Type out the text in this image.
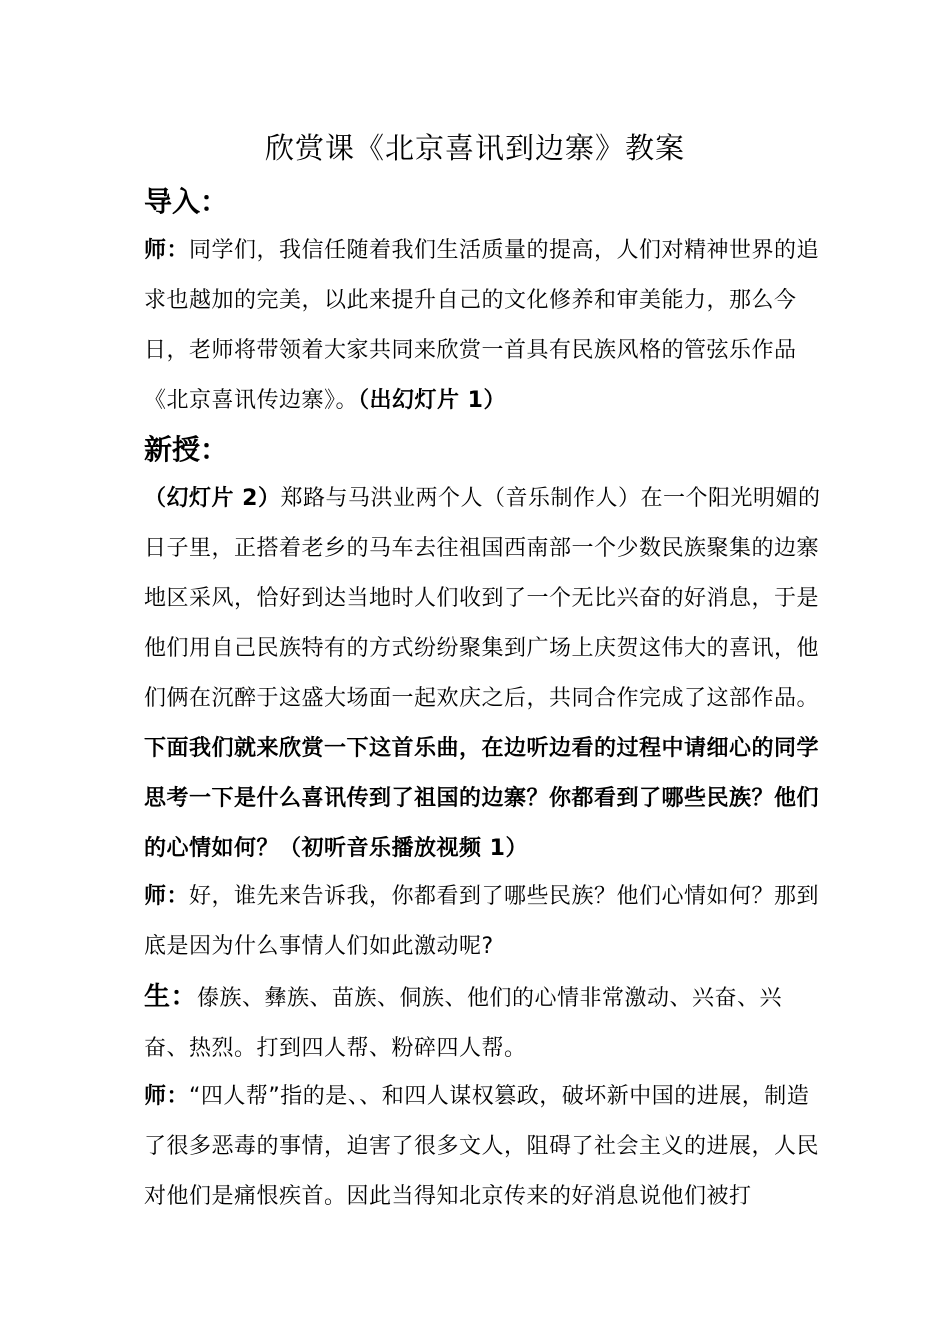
欣赏课《北京喜讯到边寨》教案
导入：
师：同学们，我信任随着我们生活质量的提高，人们对精神世界的追求也越加的完美，以此来提升自己的文化修养和审美能力，那么今日，老师将带领着大家共同来欣赏一首具有民族风格的管弦乐作品《北京喜讯传边寨》。（出幻灯片 1）
新授：
（幻灯片 2）郑路与马洪业两个人（音乐制作人）在一个阳光明媚的日子里，正搭着老乡的马车去往祖国西南部一个少数民族聚集的边寨地区采风，恰好到达当地时人们收到了一个无比兴奋的好消息，于是他们用自己民族特有的方式纷纷聚集到广场上庆贺这伟大的喜讯，他们俩在沉醉于这盛大场面一起欢庆之后，共同合作完成了这部作品。下面我们就来欣赏一下这首乐曲，在边听边看的过程中请细心的同学思考一下是什么喜讯传到了祖国的边寨？你都看到了哪些民族？他们的心情如何？（初听音乐播放视频 1）
师：好，谁先来告诉我，你都看到了哪些民族？他们心情如何？那到底是因为什么事情人们如此激动呢?
生：傣族、彝族、苗族、侗族、他们的心情非常激动、兴奋、兴奋、热烈。打到四人帮、粉碎四人帮。
师：“四人帮”指的是、、和四人谋权篡政，破坏新中国的进展，制造了很多恶毒的事情，迫害了很多文人，阻碍了社会主义的进展，人民对他们是痛恨疾首。因此当得知北京传来的好消息说他们被打
